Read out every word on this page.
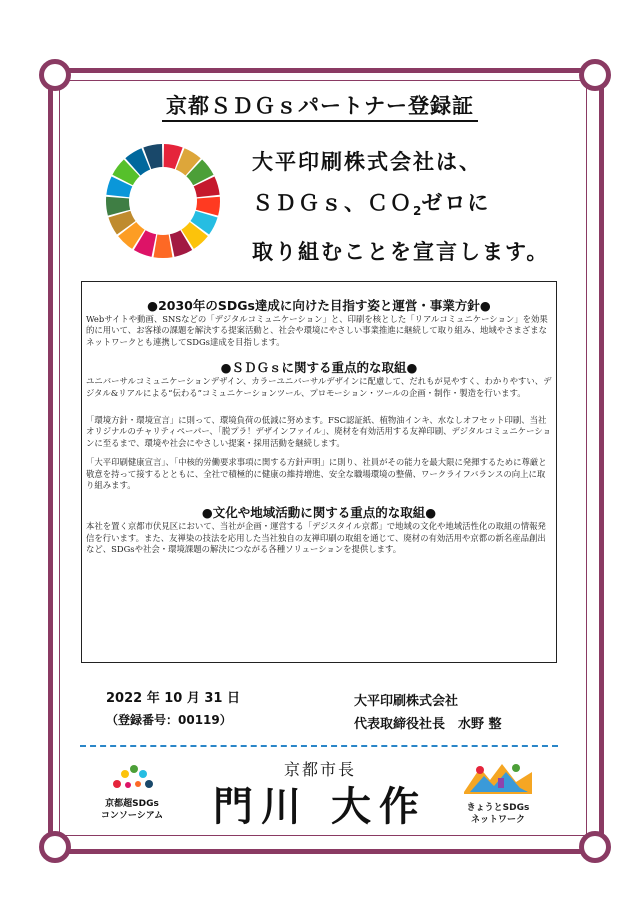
京都ＳＤＧｓパートナー登録証
大平印刷株式会社は、
ＳＤＧｓ、ＣＯ$_2$ゼロに
取り組むことを宣言します。

●2030年のSDGs達成に向けた目指す姿と運営・事業方針●

Webサイトや動画、SNSなどの「デジタルコミュニケーション」と、印刷を核とした「リアルコミュニケーション」を効果的に用いて、お客様の課題を解決する提案活動と、社会や環境にやさしい事業推進に継続して取り組み、地域やさまざまなネットワークとも連携してSDGs達成を目指します。

●ＳＤＧｓに関する重点的な取組●

ユニバーサルコミュニケーションデザイン、カラーユニバーサルデザインに配慮して、だれもが見やすく、わかりやすい、デジタル&リアルによる“伝わる”コミュニケーションツール、プロモーション・ツールの企画・制作・製造を行います。

「環境方針・環境宣言」に則って、環境負荷の低減に努めます。FSC認証紙、植物油インキ、水なしオフセット印刷、当社オリジナルのチャリティペーパー、「脱プラ！デザインファイル」、廃材を有効活用する友禅印刷、デジタルコミュニケーションに至るまで、環境や社会にやさしい提案・採用活動を継続します。

「大平印刷健康宣言」、「中核的労働要求事項に関する方針声明」に則り、社員がその能力を最大限に発揮するために尊厳と敬意を持って接するとともに、全社で積極的に健康の維持増進、安全な職場環境の整備、ワークライフバランスの向上に取り組みます。

●文化や地域活動に関する重点的な取組●

本社を置く京都市伏見区において、当社が企画・運営する「デジスタイル京都」で地域の文化や地域活性化の取組の情報発信を行います。また、友禅染の技法を応用した当社独自の友禅印刷の取組を通じて、廃材の有効活用や京都の新名産品創出など、SDGsや社会・環境課題の解決につながる各種ソリューションを提供します。

2022 年 10 月 31 日
（登録番号：00119）
大平印刷株式会社
代表取締役社長　水野 整
京都超SDGs
コンソーシアム
京都市長
門川 大作	きょうとSDGs
ネットワーク
